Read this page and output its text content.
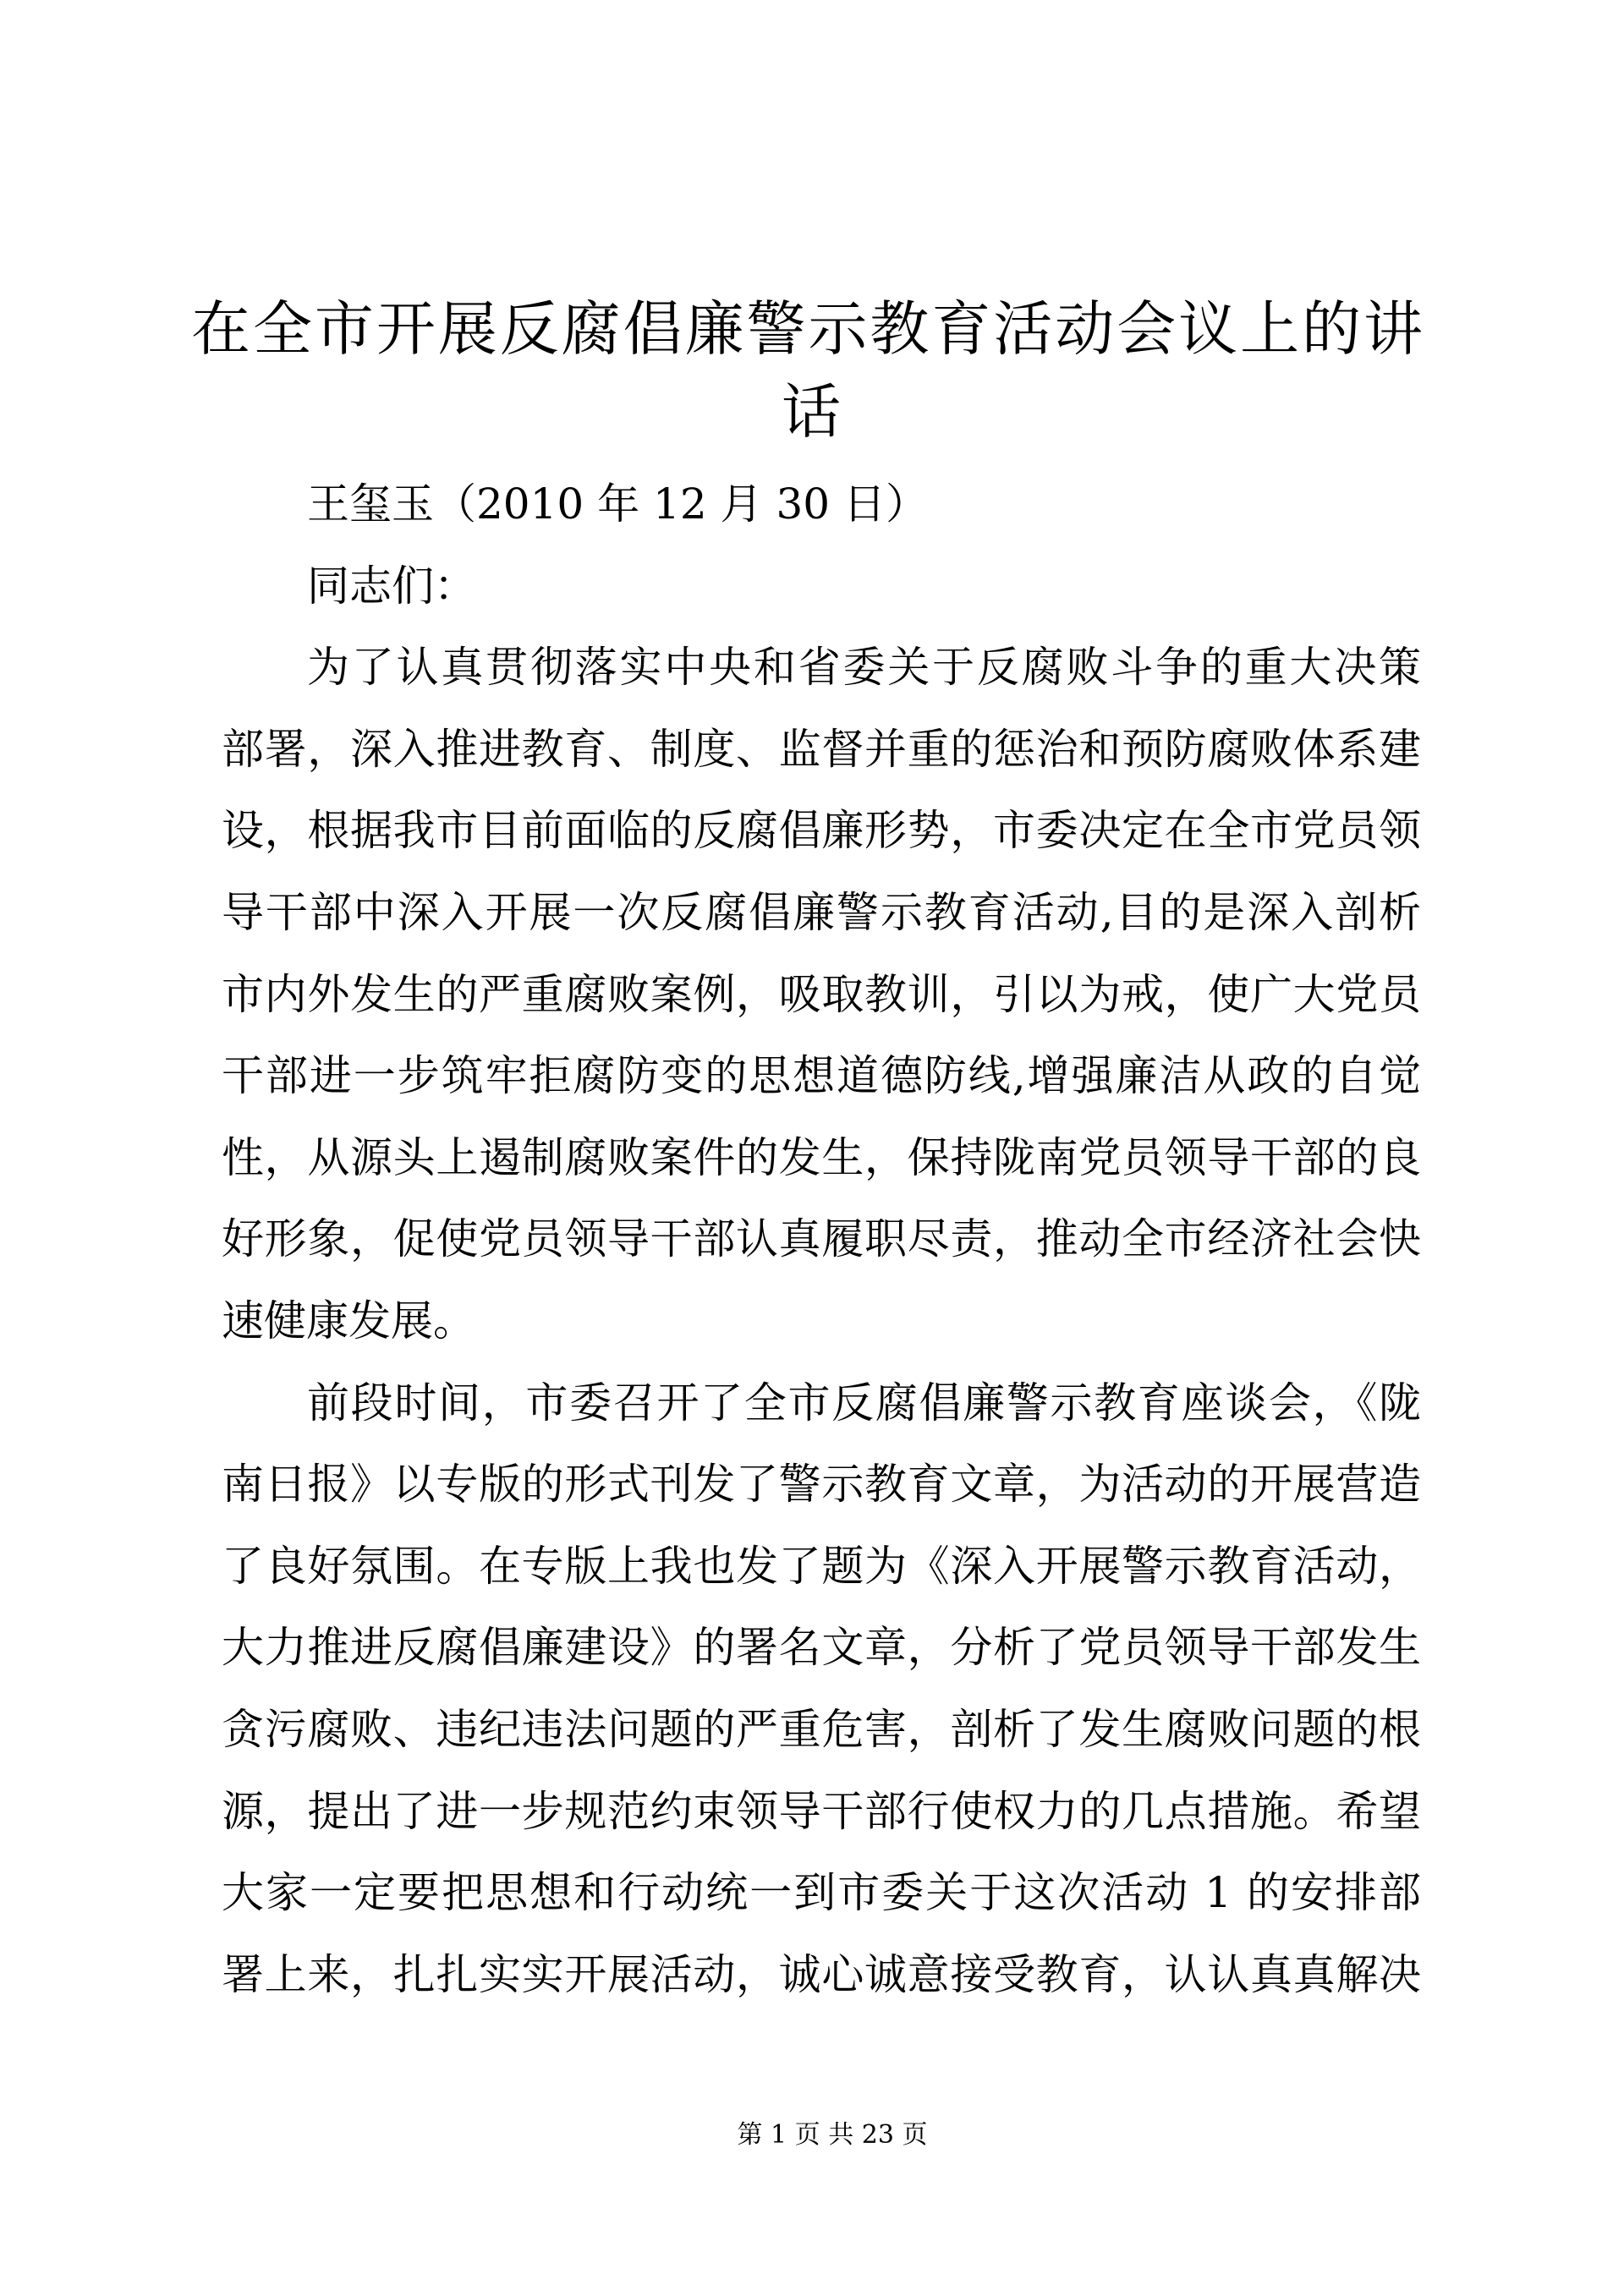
在全市开展反腐倡廉警示教育活动会议上的讲
话
王玺玉（2010 年 12 月 30 日）
同志们：
为了认真贯彻落实中央和省委关于反腐败斗争的重大决策
部署，深入推进教育、制度、监督并重的惩治和预防腐败体系建
设，根据我市目前面临的反腐倡廉形势，市委决定在全市党员领
导干部中深入开展一次反腐倡廉警示教育活动,目的是深入剖析
市内外发生的严重腐败案例，吸取教训，引以为戒，使广大党员
干部进一步筑牢拒腐防变的思想道德防线,增强廉洁从政的自觉
性，从源头上遏制腐败案件的发生，保持陇南党员领导干部的良
好形象，促使党员领导干部认真履职尽责，推动全市经济社会快
速健康发展。
前段时间，市委召开了全市反腐倡廉警示教育座谈会，《陇
南日报》以专版的形式刊发了警示教育文章，为活动的开展营造
了良好氛围。在专版上我也发了题为《深入开展警示教育活动，
大力推进反腐倡廉建设》的署名文章，分析了党员领导干部发生
贪污腐败、违纪违法问题的严重危害，剖析了发生腐败问题的根
源，提出了进一步规范约束领导干部行使权力的几点措施。希望
大家一定要把思想和行动统一到市委关于这次活动 1 的安排部
署上来，扎扎实实开展活动，诚心诚意接受教育，认认真真解决
第 1 页 共 23 页
